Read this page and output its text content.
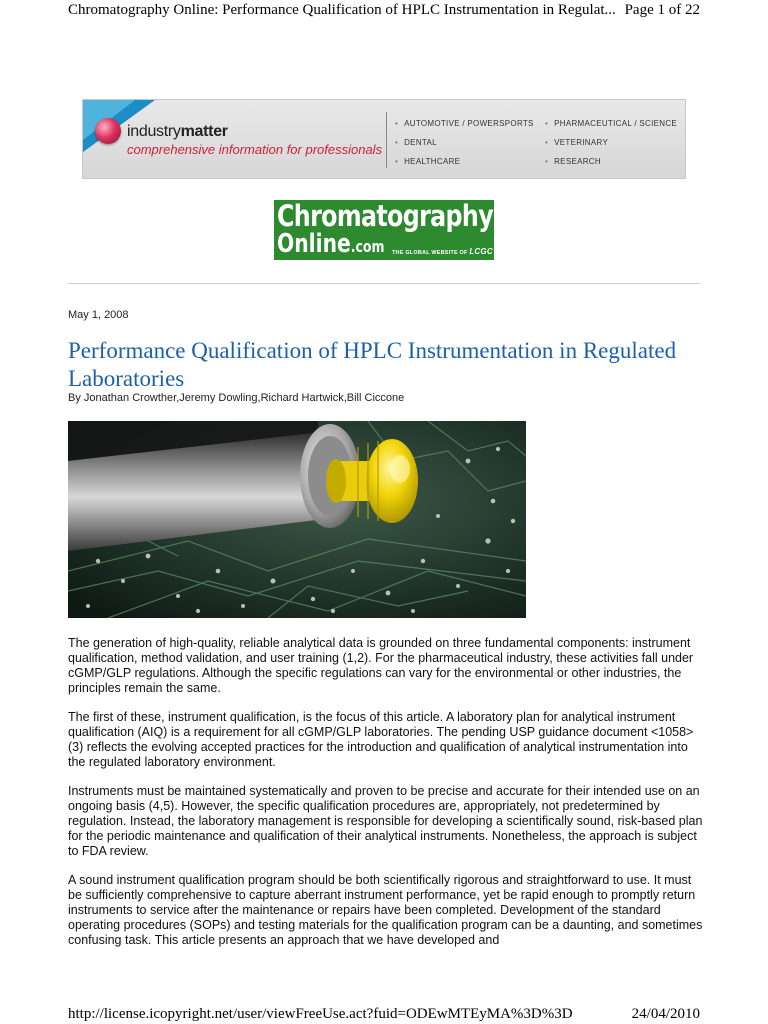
Chromatography Online: Performance Qualification of HPLC Instrumentation in Regulat... Page 1 of 22
industrymatter
comprehensive information for professionals
• AUTOMOTIVE / POWERSPORTS	• PHARMACEUTICAL / SCIENCE
• DENTAL	• VETERINARY
• HEALTHCARE	• RESEARCH
Chromatography
Online.com THE GLOBAL WEBSITE OF LCGC
May 1, 2008
Performance Qualification of HPLC Instrumentation in Regulated Laboratories
By Jonathan Crowther,Jeremy Dowling,Richard Hartwick,Bill Ciccone

The generation of high-quality, reliable analytical data is grounded on three fundamental components: instrument qualification, method validation, and user training (1,2). For the pharmaceutical industry, these activities fall under cGMP/GLP regulations. Although the specific regulations can vary for the environmental or other industries, the principles remain the same.

The first of these, instrument qualification, is the focus of this article. A laboratory plan for analytical instrument qualification (AIQ) is a requirement for all cGMP/GLP laboratories. The pending USP guidance document <1058> (3) reflects the evolving accepted practices for the introduction and qualification of analytical instrumentation into the regulated laboratory environment.

Instruments must be maintained systematically and proven to be precise and accurate for their intended use on an ongoing basis (4,5). However, the specific qualification procedures are, appropriately, not predetermined by regulation. Instead, the laboratory management is responsible for developing a scientifically sound, risk-based plan for the periodic maintenance and qualification of their analytical instruments. Nonetheless, the approach is subject to FDA review.

A sound instrument qualification program should be both scientifically rigorous and straightforward to use. It must be sufficiently comprehensive to capture aberrant instrument performance, yet be rapid enough to promptly return instruments to service after the maintenance or repairs have been completed. Development of the standard operating procedures (SOPs) and testing materials for the qualification program can be a daunting, and sometimes confusing task. This article presents an approach that we have developed and

http://license.icopyright.net/user/viewFreeUse.act?fuid=ODEwMTEyMA%3D%3D	24/04/2010
